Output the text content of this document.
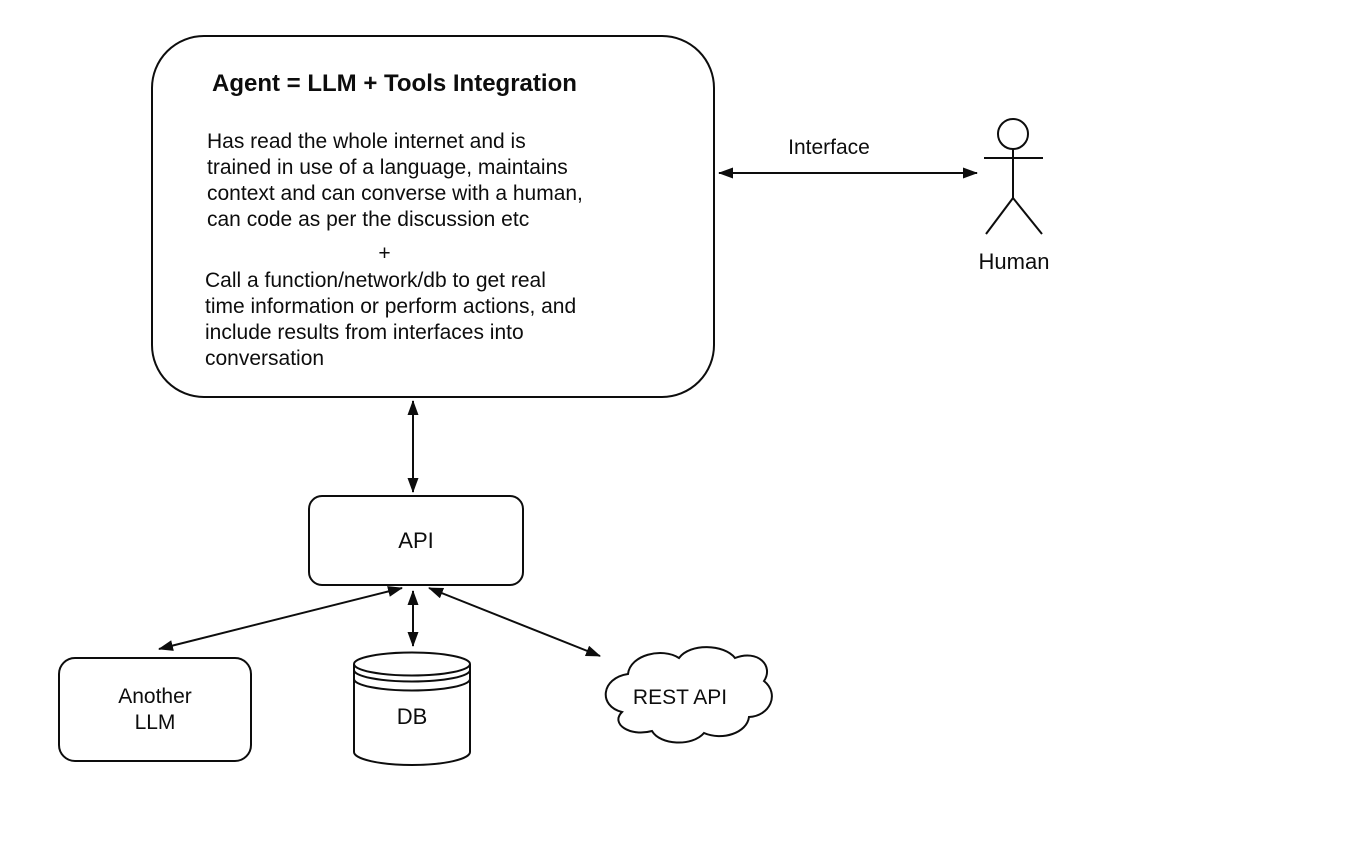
Agent = LLM + Tools Integration
Has read the whole internet and is
trained in use of a language, maintains
context and can converse with a human,
can code as per the discussion etc
+
Call a function/network/db to get real
time information or perform actions, and
include results from interfaces into
conversation
Interface
Human
API
Another
LLM	DB
REST API
